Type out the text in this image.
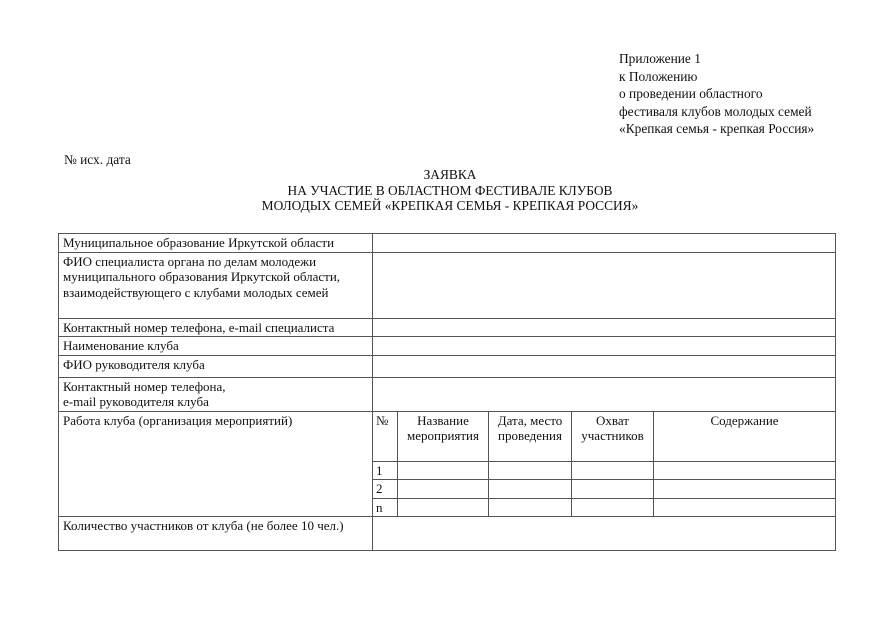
Приложение 1
к Положению
о проведении областного
фестиваля клубов молодых семей
«Крепкая семья - крепкая Россия»
№ исх. дата
ЗАЯВКА
НА УЧАСТИЕ В ОБЛАСТНОМ ФЕСТИВАЛЕ КЛУБОВ
МОЛОДЫХ СЕМЕЙ «КРЕПКАЯ СЕМЬЯ - КРЕПКАЯ РОССИЯ»
Муниципальное образование Иркутской области					
ФИО специалиста органа по делам молодежи муниципального образования Иркутской области, взаимодействующего с клубами молодых семей					
Контактный номер телефона, e-mail специалиста					
Наименование клуба					
ФИО руководителя клуба					

Контактный номер телефона,
e-mail руководителя клуба					

Работа клуба (организация мероприятий)	№	Название мероприятия	Дата, место проведения	Охват участников	Содержание
	1				
	2				
	n				
Количество участников от клуба (не более 10 чел.)					
